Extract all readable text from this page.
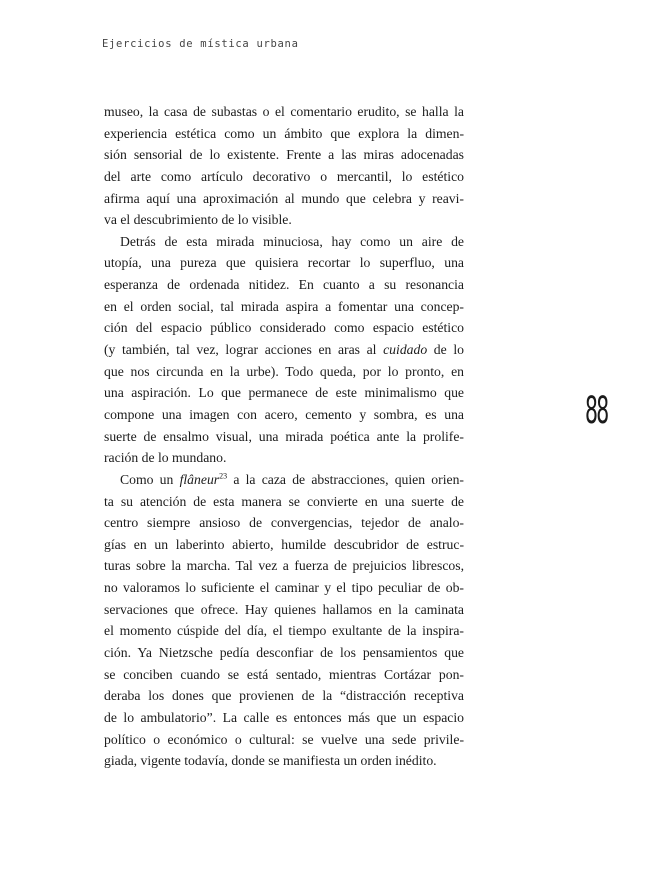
Ejercicios de mística urbana
museo, la casa de subastas o el comentario erudito, se halla la
experiencia estética como un ámbito que explora la dimen-
sión sensorial de lo existente. Frente a las miras adocenadas
del arte como artículo decorativo o mercantil, lo estético
afirma aquí una aproximación al mundo que celebra y reavi-
va el descubrimiento de lo visible.
Detrás de esta mirada minuciosa, hay como un aire de
utopía, una pureza que quisiera recortar lo superfluo, una
esperanza de ordenada nitidez. En cuanto a su resonancia
en el orden social, tal mirada aspira a fomentar una concep-
ción del espacio público considerado como espacio estético
(y también, tal vez, lograr acciones en aras al cuidado de lo
que nos circunda en la urbe). Todo queda, por lo pronto, en
una aspiración. Lo que permanece de este minimalismo que
compone una imagen con acero, cemento y sombra, es una
suerte de ensalmo visual, una mirada poética ante la prolife-
ración de lo mundano.
Como un flâneur$^{23}$ a la caza de abstracciones, quien orien-
ta su atención de esta manera se convierte en una suerte de
centro siempre ansioso de convergencias, tejedor de analo-
gías en un laberinto abierto, humilde descubridor de estruc-
turas sobre la marcha. Tal vez a fuerza de prejuicios librescos,
no valoramos lo suficiente el caminar y el tipo peculiar de ob-
servaciones que ofrece. Hay quienes hallamos en la caminata
el momento cúspide del día, el tiempo exultante de la inspira-
ción. Ya Nietzsche pedía desconfiar de los pensamientos que
se conciben cuando se está sentado, mientras Cortázar pon-
deraba los dones que provienen de la “distracción receptiva
de lo ambulatorio”. La calle es entonces más que un espacio
político o económico o cultural: se vuelve una sede privile-
giada, vigente todavía, donde se manifiesta un orden inédito.
88
